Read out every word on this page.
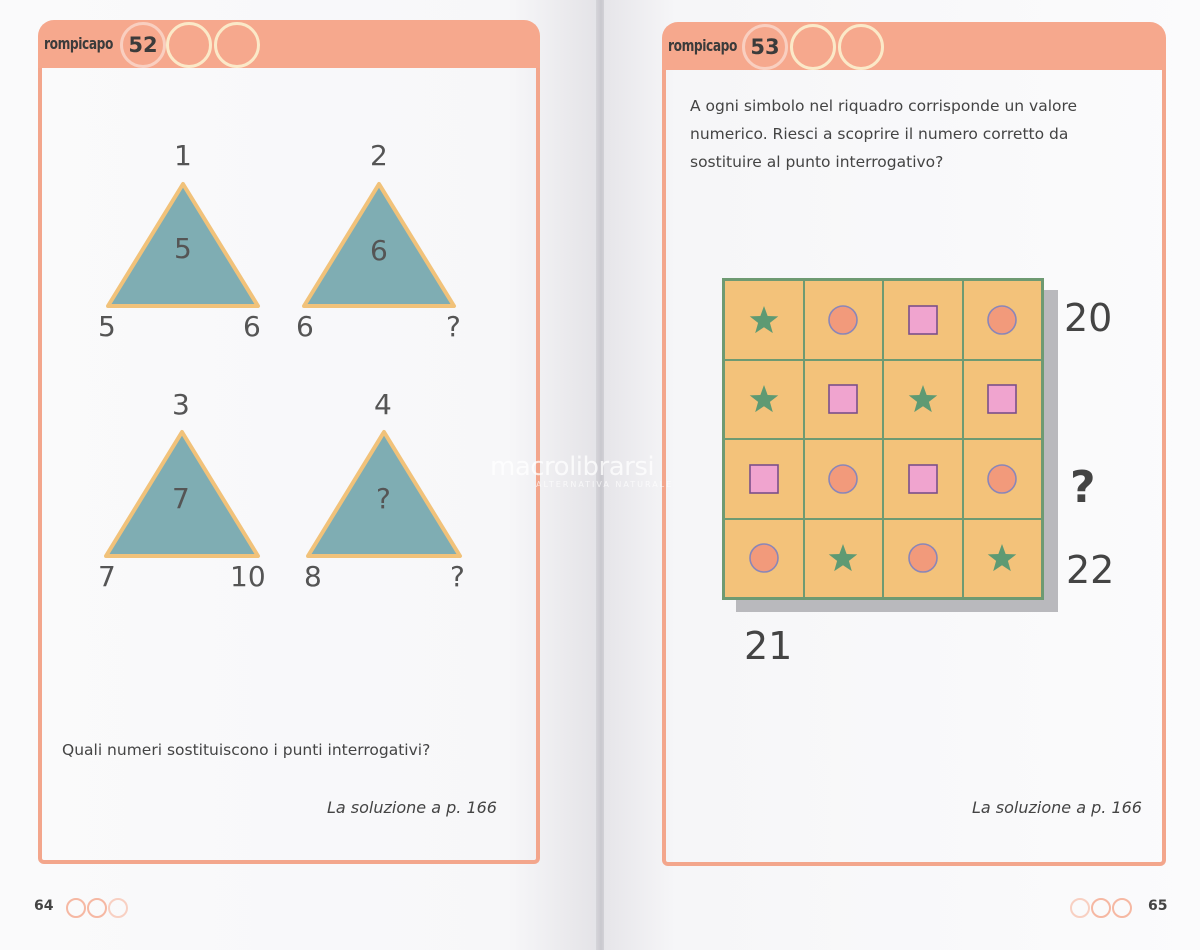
rompicapo 52
1
5
5	6
2
6
6	?
3
7
7	10
4
?
8	?
Quali numeri sostituiscono i punti interrogativi?
La soluzione a p. 166
64
rompicapo 53
A ogni simbolo nel riquadro corrisponde un valore
numerico. Riesci a scoprire il numero corretto da
sostituire al punto interrogativo?
20
?
22
21
La soluzione a p. 166
65
macrolibrarsi
ALTERNATIVA NATURALE
